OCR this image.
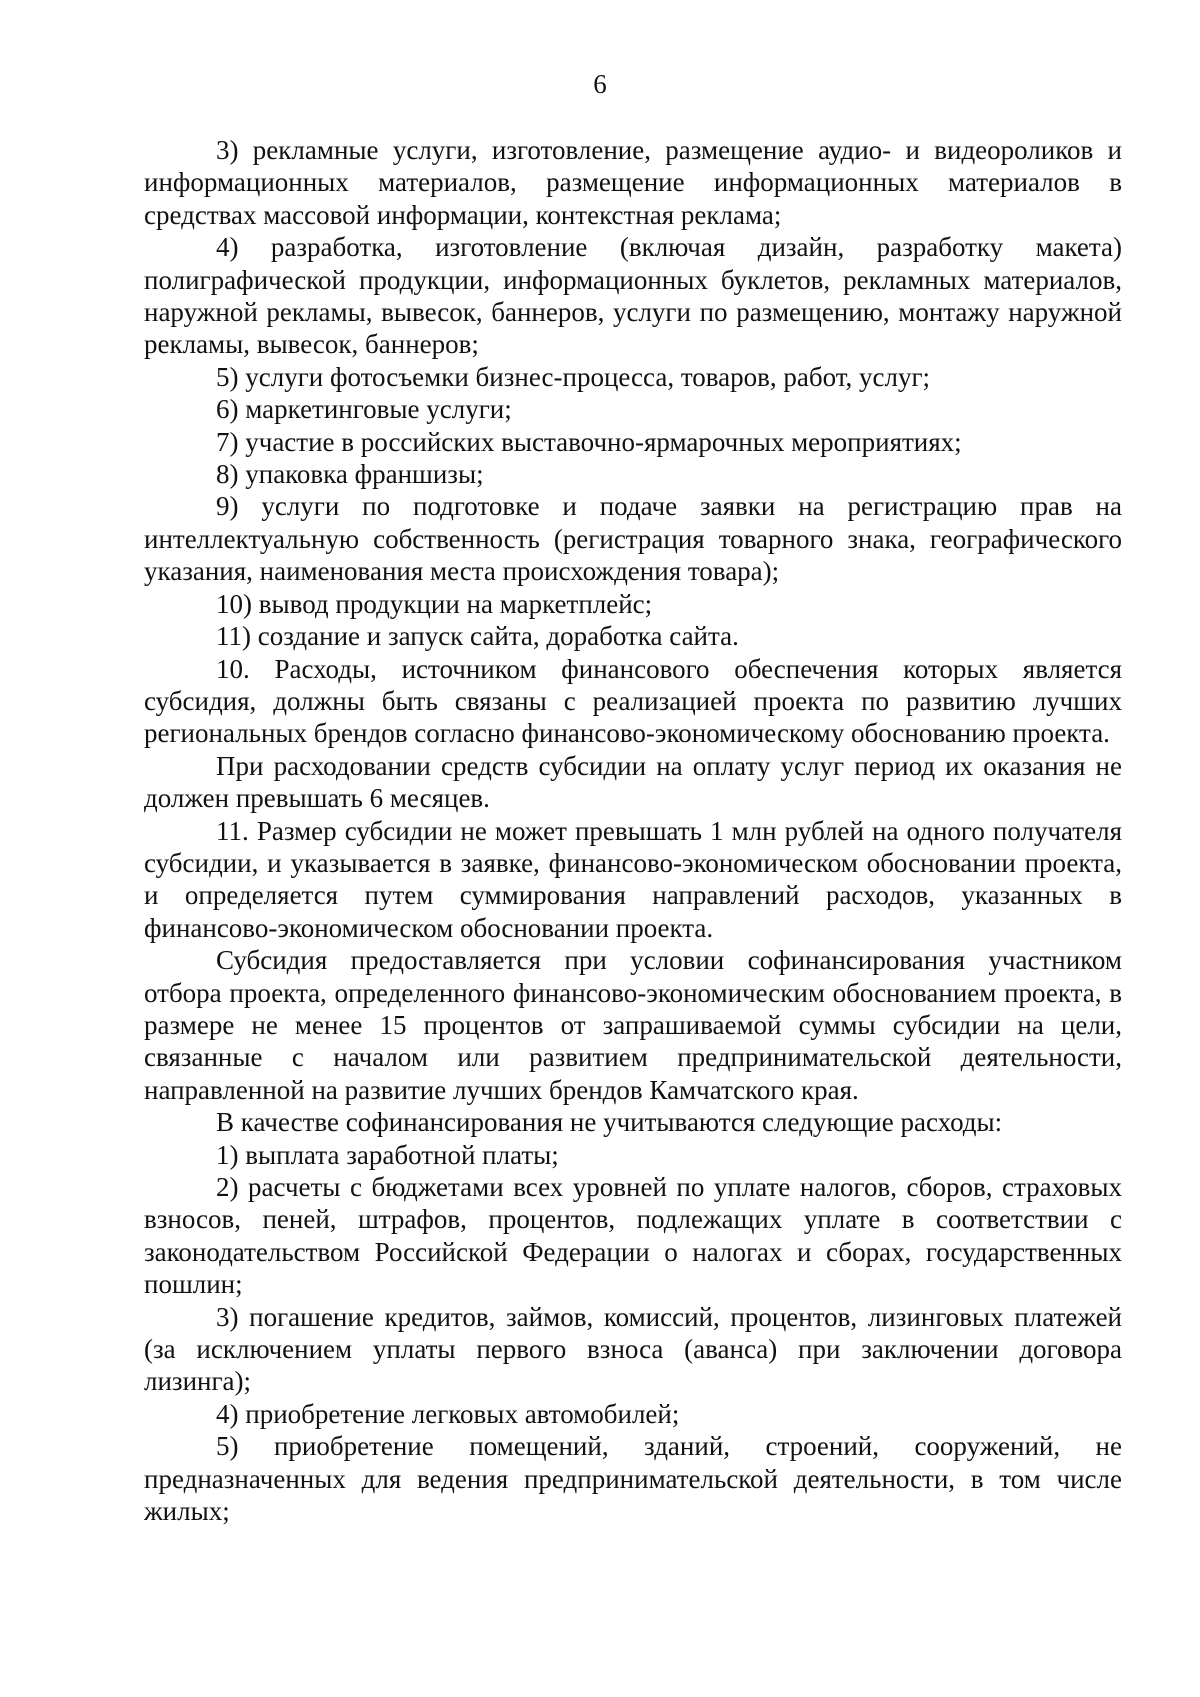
6

3) рекламные услуги, изготовление, размещение аудио- и видеороликов и информационных материалов, размещение информационных материалов в средствах массовой информации, контекстная реклама;

4) разработка, изготовление (включая дизайн, разработку макета) полиграфической продукции, информационных буклетов, рекламных материалов, наружной рекламы, вывесок, баннеров, услуги по размещению, монтажу наружной рекламы, вывесок, баннеров;

5) услуги фотосъемки бизнес-процесса, товаров, работ, услуг;

6) маркетинговые услуги;

7) участие в российских выставочно-ярмарочных мероприятиях;

8) упаковка франшизы;

9) услуги по подготовке и подаче заявки на регистрацию прав на интеллектуальную собственность (регистрация товарного знака, географического указания, наименования места происхождения товара);

10) вывод продукции на маркетплейс;

11) создание и запуск сайта, доработка сайта.

10. Расходы, источником финансового обеспечения которых является субсидия, должны быть связаны с реализацией проекта по развитию лучших региональных брендов согласно финансово-экономическому обоснованию проекта.

При расходовании средств субсидии на оплату услуг период их оказания не должен превышать 6 месяцев.

11. Размер субсидии не может превышать 1 млн рублей на одного получателя субсидии, и указывается в заявке, финансово-экономическом обосновании проекта, и определяется путем суммирования направлений расходов, указанных в финансово-экономическом обосновании проекта.

Субсидия предоставляется при условии софинансирования участником отбора проекта, определенного финансово-экономическим обоснованием проекта, в размере не менее 15 процентов от запрашиваемой суммы субсидии на цели, связанные с началом или развитием предпринимательской деятельности, направленной на развитие лучших брендов Камчатского края.

В качестве софинансирования не учитываются следующие расходы:

1) выплата заработной платы;

2) расчеты с бюджетами всех уровней по уплате налогов, сборов, страховых взносов, пеней, штрафов, процентов, подлежащих уплате в соответствии с законодательством Российской Федерации о налогах и сборах, государственных пошлин;

3) погашение кредитов, займов, комиссий, процентов, лизинговых платежей (за исключением уплаты первого взноса (аванса) при заключении договора лизинга);

4) приобретение легковых автомобилей;

5) приобретение помещений, зданий, строений, сооружений, не предназначенных для ведения предпринимательской деятельности, в том числе жилых;
